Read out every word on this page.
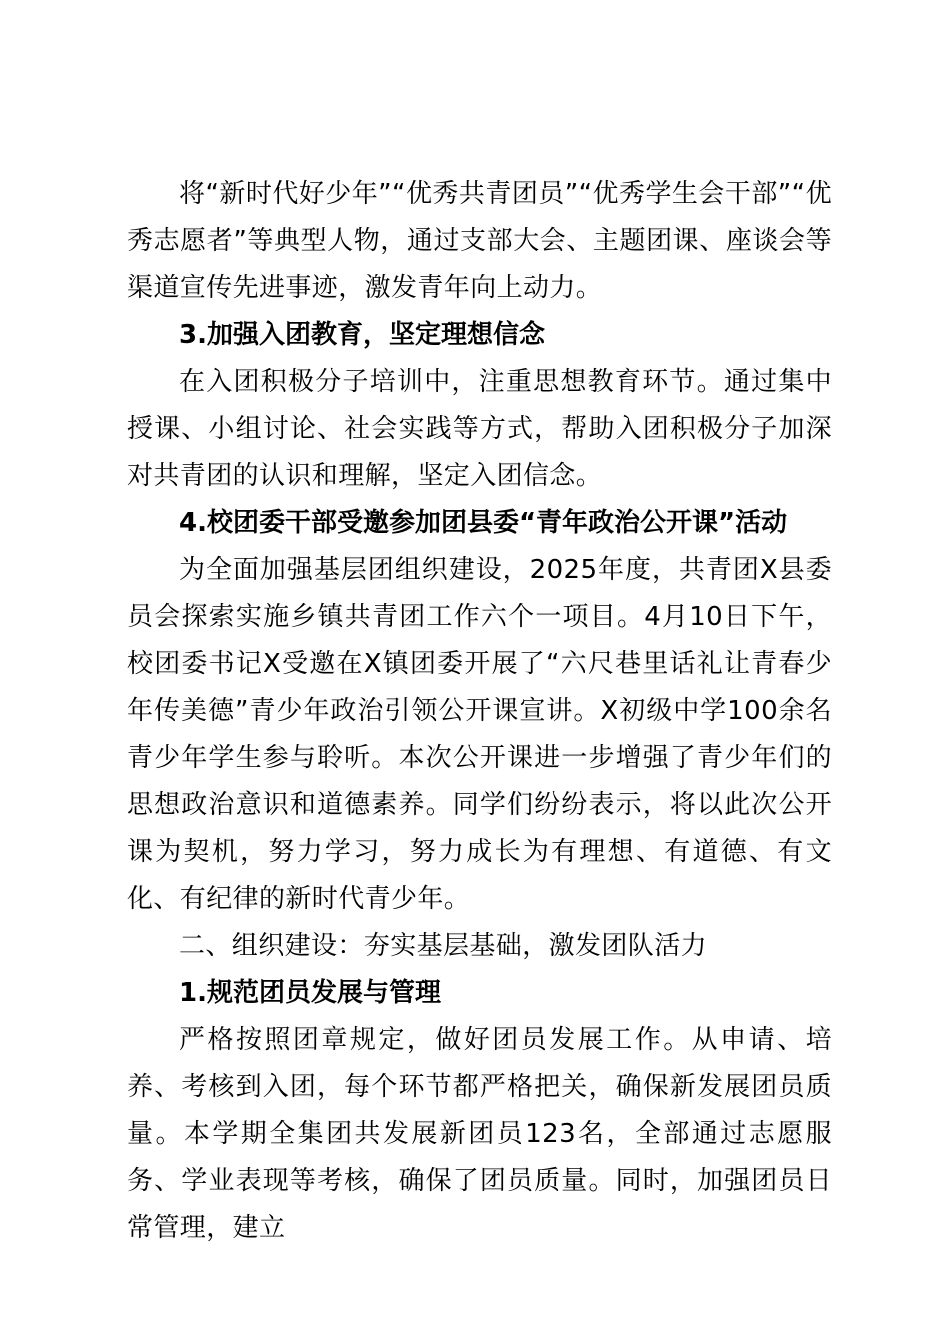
将“新时代好少年”“优秀共青团员”“优秀学生会干部”“优秀志愿者”等典型人物，通过支部大会、主题团课、座谈会等渠道宣传先进事迹，激发青年向上动力。

3.加强入团教育，坚定理想信念

在入团积极分子培训中，注重思想教育环节。通过集中授课、小组讨论、社会实践等方式，帮助入团积极分子加深对共青团的认识和理解，坚定入团信念。

4.校团委干部受邀参加团县委“青年政治公开课”活动

为全面加强基层团组织建设，2025年度，共青团X县委员会探索实施乡镇共青团工作六个一项目。4月10日下午，校团委书记X受邀在X镇团委开展了“六尺巷里话礼让青春少年传美德”青少年政治引领公开课宣讲。X初级中学100余名青少年学生参与聆听。本次公开课进一步增强了青少年们的思想政治意识和道德素养。同学们纷纷表示，将以此次公开课为契机，努力学习，努力成长为有理想、有道德、有文化、有纪律的新时代青少年。

二、组织建设：夯实基层基础，激发团队活力

1.规范团员发展与管理

严格按照团章规定，做好团员发展工作。从申请、培养、考核到入团，每个环节都严格把关，确保新发展团员质量。本学期全集团共发展新团员123名，全部通过志愿服务、学业表现等考核，确保了团员质量。同时，加强团员日常管理，建立
